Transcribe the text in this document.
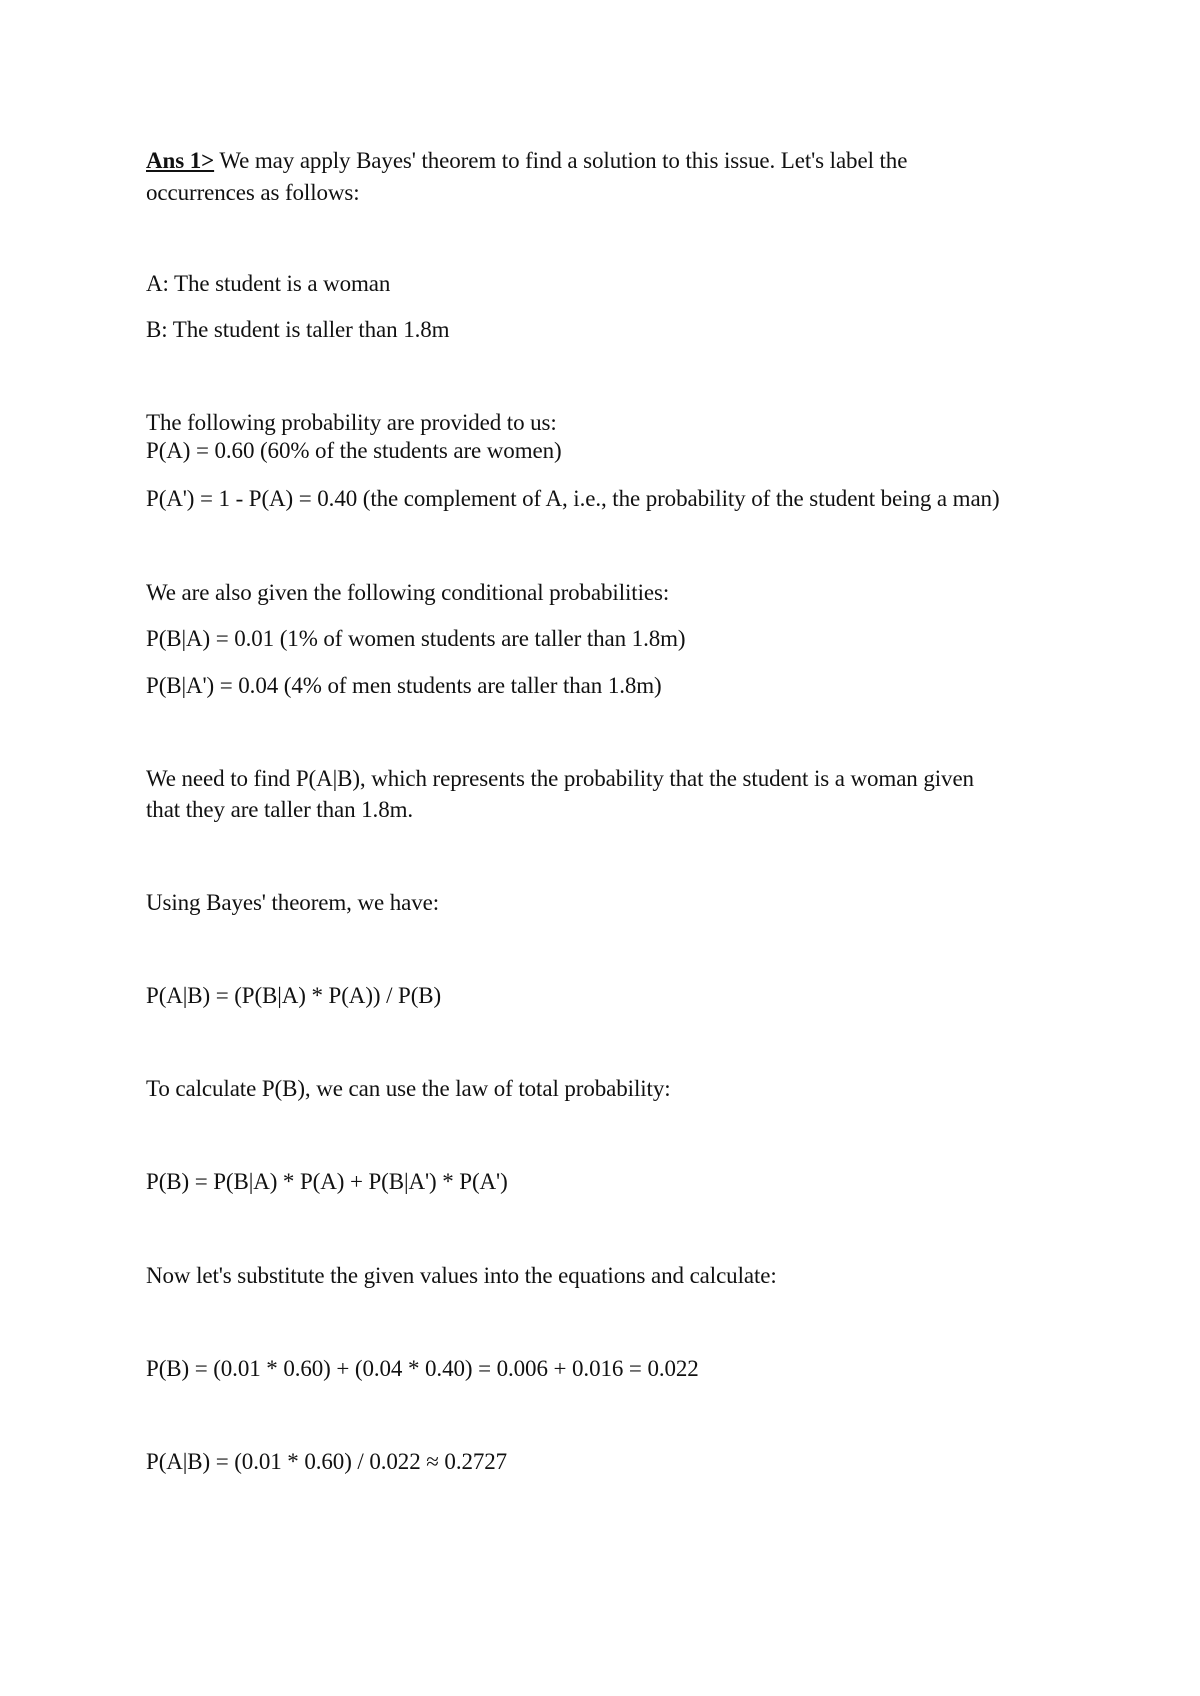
Ans 1> We may apply Bayes' theorem to find a solution to this issue. Let's label the
occurrences as follows:
A: The student is a woman
B: The student is taller than 1.8m
The following probability are provided to us:
P(A) = 0.60 (60% of the students are women)
P(A') = 1 - P(A) = 0.40 (the complement of A, i.e., the probability of the student being a man)
We are also given the following conditional probabilities:
P(B|A) = 0.01 (1% of women students are taller than 1.8m)
P(B|A') = 0.04 (4% of men students are taller than 1.8m)
We need to find P(A|B), which represents the probability that the student is a woman given
that they are taller than 1.8m.
Using Bayes' theorem, we have:
P(A|B) = (P(B|A) * P(A)) / P(B)
To calculate P(B), we can use the law of total probability:
P(B) = P(B|A) * P(A) + P(B|A') * P(A')
Now let's substitute the given values into the equations and calculate:
P(B) = (0.01 * 0.60) + (0.04 * 0.40) = 0.006 + 0.016 = 0.022
P(A|B) = (0.01 * 0.60) / 0.022 ≈ 0.2727
